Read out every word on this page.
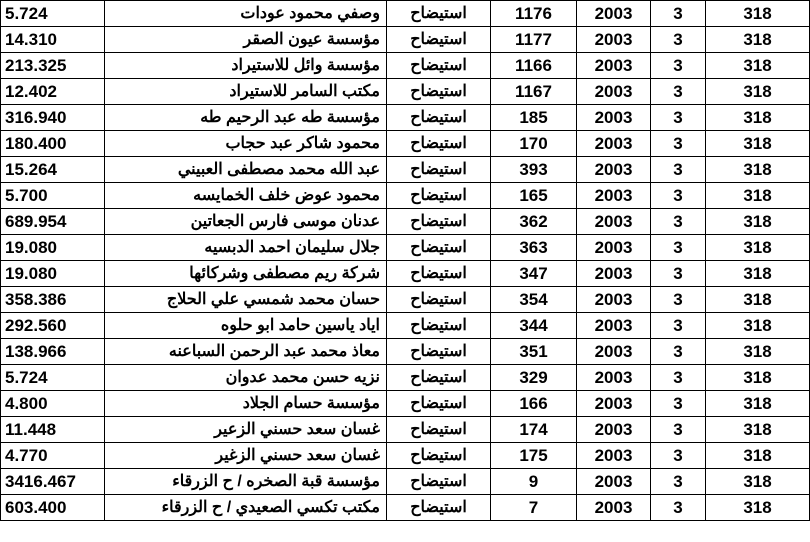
5.724	وصفي محمود عودات	استيضاح	1176	2003	3	318
14.310	مؤسسة عيون الصقر	استيضاح	1177	2003	3	318
213.325	مؤسسة وائل للاستيراد	استيضاح	1166	2003	3	318
12.402	مكتب السامر للاستيراد	استيضاح	1167	2003	3	318
316.940	مؤسسة طه عبد الرحيم طه	استيضاح	185	2003	3	318
180.400	محمود شاكر عبد حجاب	استيضاح	170	2003	3	318
15.264	عبد الله محمد مصطفى العبيني	استيضاح	393	2003	3	318
5.700	محمود عوض خلف الخمايسه	استيضاح	165	2003	3	318
689.954	عدنان موسى فارس الجعاتين	استيضاح	362	2003	3	318
19.080	جلال سليمان احمد الدبسيه	استيضاح	363	2003	3	318
19.080	شركة ريم مصطفى وشركائها	استيضاح	347	2003	3	318
358.386	حسان محمد شمسي علي الحلاج	استيضاح	354	2003	3	318
292.560	اياد ياسين حامد ابو حلوه	استيضاح	344	2003	3	318
138.966	معاذ محمد عبد الرحمن السباعنه	استيضاح	351	2003	3	318
5.724	نزيه حسن محمد عدوان	استيضاح	329	2003	3	318
4.800	مؤسسة حسام الجلاد	استيضاح	166	2003	3	318
11.448	غسان سعد حسني الزعير	استيضاح	174	2003	3	318
4.770	غسان سعد حسني الزغير	استيضاح	175	2003	3	318
3416.467	مؤسسة قبة الصخره / ح الزرقاء	استيضاح	9	2003	3	318
603.400	مكتب تكسي الصعيدي / ح الزرقاء	استيضاح	7	2003	3	318
